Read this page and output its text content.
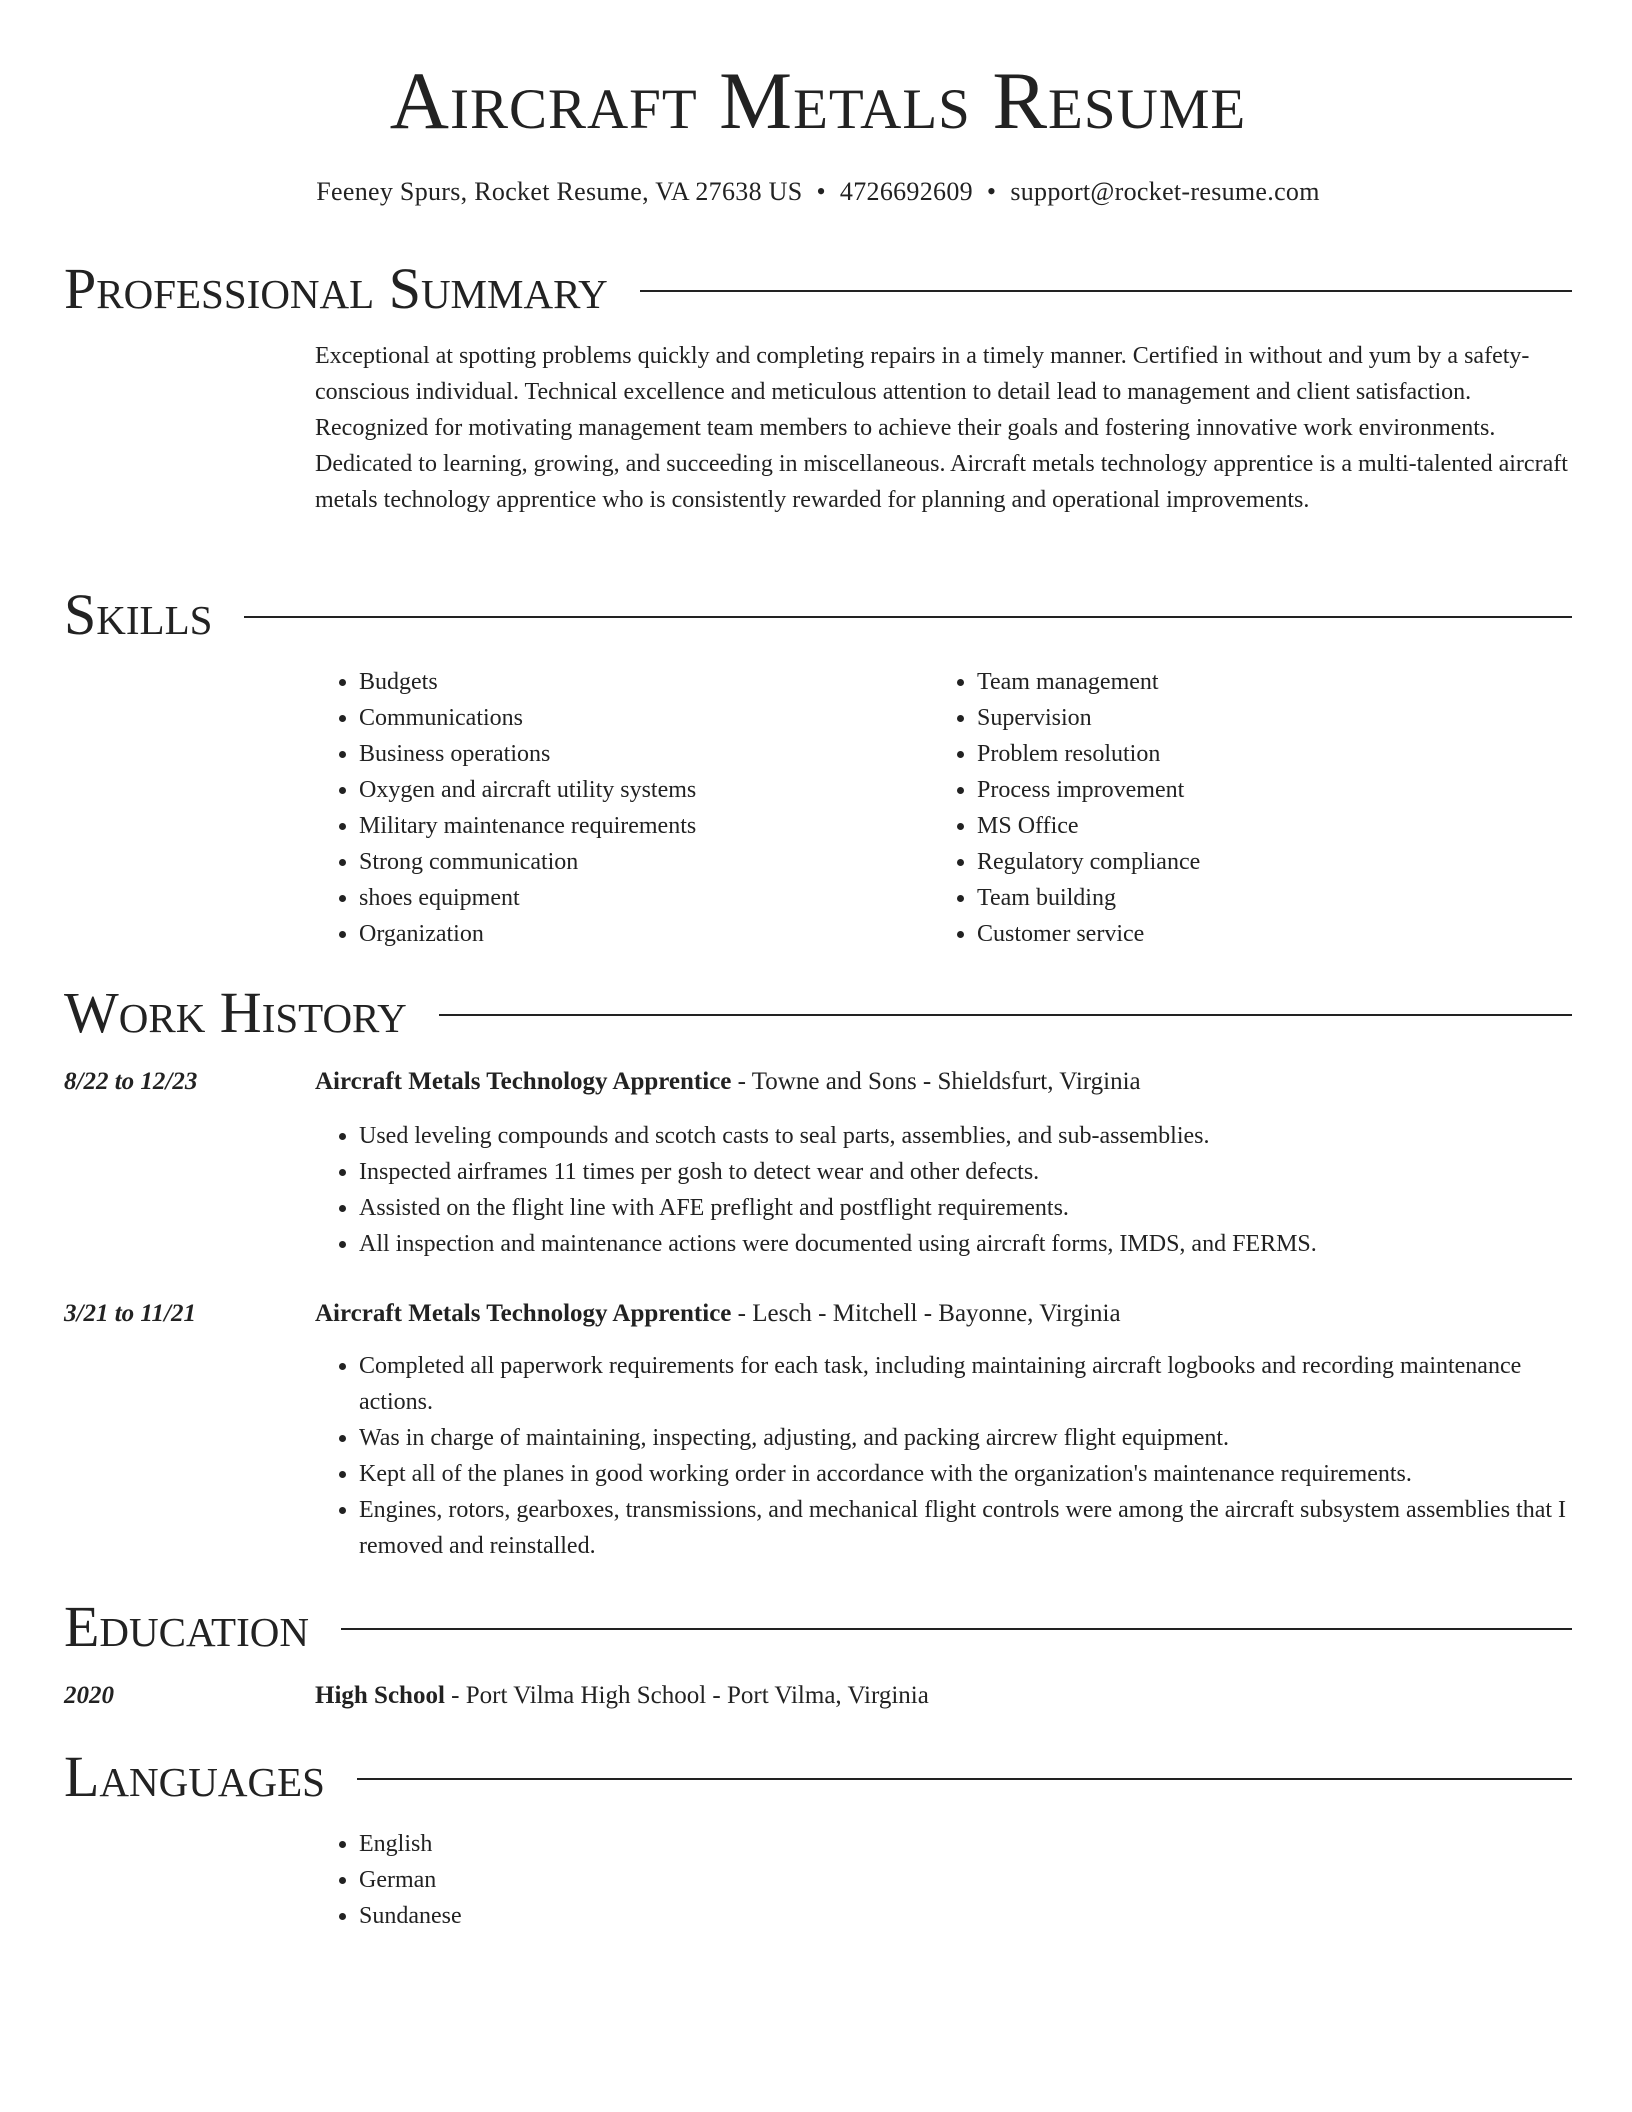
Aircraft Metals Resume
Feeney Spurs, Rocket Resume, VA 27638 US • 4726692609 • support@rocket-resume.com
Professional Summary
Exceptional at spotting problems quickly and completing repairs in a timely manner. Certified in without and yum by a safety-conscious individual. Technical excellence and meticulous attention to detail lead to management and client satisfaction. Recognized for motivating management team members to achieve their goals and fostering innovative work environments. Dedicated to learning, growing, and succeeding in miscellaneous. Aircraft metals technology apprentice is a multi-talented aircraft metals technology apprentice who is consistently rewarded for planning and operational improvements.
Skills
• Budgets
• Communications
• Business operations
• Oxygen and aircraft utility systems
• Military maintenance requirements
• Strong communication
• shoes equipment
• Organization
• Team management
• Supervision
• Problem resolution
• Process improvement
• MS Office
• Regulatory compliance
• Team building
• Customer service
Work History
8/22 to 12/23	Aircraft Metals Technology Apprentice - Towne and Sons - Shieldsfurt, Virginia
• Used leveling compounds and scotch casts to seal parts, assemblies, and sub-assemblies.
• Inspected airframes 11 times per gosh to detect wear and other defects.
• Assisted on the flight line with AFE preflight and postflight requirements.
• All inspection and maintenance actions were documented using aircraft forms, IMDS, and FERMS.
3/21 to 11/21	Aircraft Metals Technology Apprentice - Lesch - Mitchell - Bayonne, Virginia
• Completed all paperwork requirements for each task, including maintaining aircraft logbooks and recording maintenance actions.
• Was in charge of maintaining, inspecting, adjusting, and packing aircrew flight equipment.
• Kept all of the planes in good working order in accordance with the organization's maintenance requirements.
• Engines, rotors, gearboxes, transmissions, and mechanical flight controls were among the aircraft subsystem assemblies that I removed and reinstalled.
Education
2020	High School - Port Vilma High School - Port Vilma, Virginia
Languages
• English
• German
• Sundanese
